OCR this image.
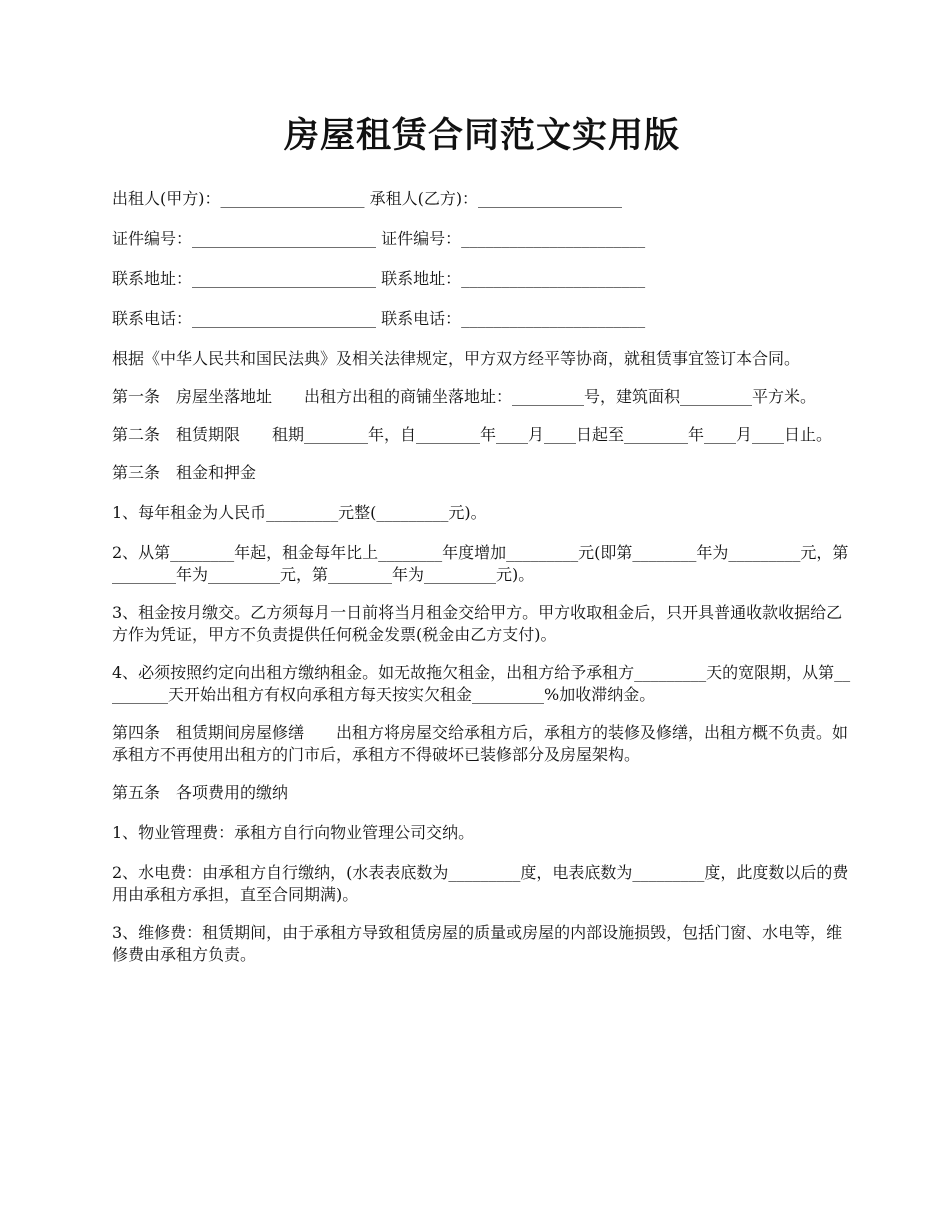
房屋租赁合同范文实用版
出租人(甲方)：__________________ 承租人(乙方)：__________________
证件编号：_______________________ 证件编号：_______________________
联系地址：_______________________ 联系地址：_______________________
联系电话：_______________________ 联系电话：_______________________
根据《中华人民共和国民法典》及相关法律规定，甲方双方经平等协商，就租赁事宜签订本合同。
第一条　房屋坐落地址　　出租方出租的商铺坐落地址：_________号，建筑面积_________平方米。
第二条　租赁期限　　租期________年，自________年____月____日起至________年____月____日止。
第三条　租金和押金
1、每年租金为人民币_________元整(_________元)。
2、从第________年起，租金每年比上________年度增加_________元(即第________年为_________元，第________年为_________元，第________年为_________元)。
3、租金按月缴交。乙方须每月一日前将当月租金交给甲方。甲方收取租金后，只开具普通收款收据给乙方作为凭证，甲方不负责提供任何税金发票(税金由乙方支付)。
4、必须按照约定向出租方缴纳租金。如无故拖欠租金，出租方给予承租方_________天的宽限期，从第_________天开始出租方有权向承租方每天按实欠租金_________%加收滞纳金。
第四条　租赁期间房屋修缮　　出租方将房屋交给承租方后，承租方的装修及修缮，出租方概不负责。如承租方不再使用出租方的门市后，承租方不得破坏已装修部分及房屋架构。
第五条　各项费用的缴纳
1、物业管理费：承租方自行向物业管理公司交纳。
2、水电费：由承租方自行缴纳，(水表表底数为_________度，电表底数为_________度，此度数以后的费用由承租方承担，直至合同期满)。
3、维修费：租赁期间，由于承租方导致租赁房屋的质量或房屋的内部设施损毁，包括门窗、水电等，维修费由承租方负责。
